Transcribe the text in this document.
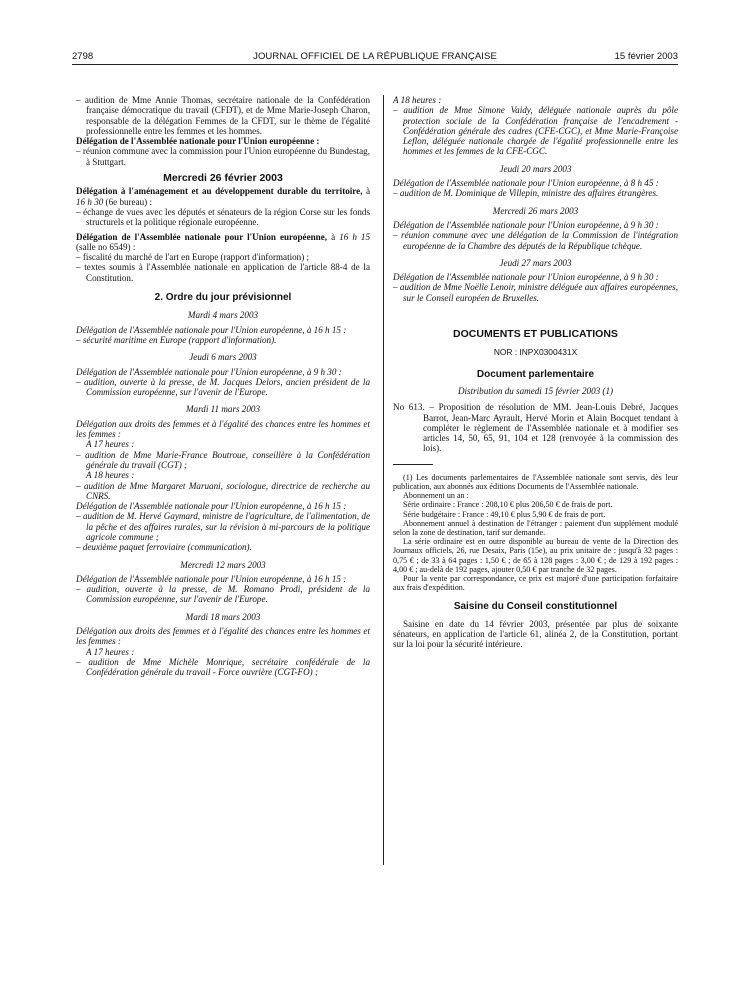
2798	JOURNAL OFFICIEL DE LA RÉPUBLIQUE FRANÇAISE	15 février 2003

– audition de Mme Annie Thomas, secrétaire nationale de la Confédération française démocratique du travail (CFDT), et de Mme Marie-Joseph Charon, responsable de la délégation Femmes de la CFDT, sur le thème de l'égalité professionnelle entre les femmes et les hommes.

Délégation de l'Assemblée nationale pour l'Union européenne :

– réunion commune avec la commission pour l'Union européenne du Bundestag, à Stuttgart.

Mercredi 26 février 2003

Délégation à l'aménagement et au développement durable du territoire, à 16 h 30 (6e bureau) :

– échange de vues avec les députés et sénateurs de la région Corse sur les fonds structurels et la politique régionale européenne.

Délégation de l'Assemblée nationale pour l'Union européenne, à 16 h 15 (salle no 6549) :

– fiscalité du marché de l'art en Europe (rapport d'information) ;

– textes soumis à l'Assemblée nationale en application de l'article 88-4 de la Constitution.

2. Ordre du jour prévisionnel

Mardi 4 mars 2003

Délégation de l'Assemblée nationale pour l'Union européenne, à 16 h 15 :

– sécurité maritime en Europe (rapport d'information).

Jeudi 6 mars 2003

Délégation de l'Assemblée nationale pour l'Union européenne, à 9 h 30 :

– audition, ouverte à la presse, de M. Jacques Delors, ancien président de la Commission européenne, sur l'avenir de l'Europe.

Mardi 11 mars 2003

Délégation aux droits des femmes et à l'égalité des chances entre les hommes et les femmes :

A 17 heures :

– audition de Mme Marie-France Boutroue, conseillère à la Confédération générale du travail (CGT) ;

A 18 heures :

– audition de Mme Margaret Maruani, sociologue, directrice de recherche au CNRS.

Délégation de l'Assemblée nationale pour l'Union européenne, à 16 h 15 :

– audition de M. Hervé Gaymard, ministre de l'agriculture, de l'alimentation, de la pêche et des affaires rurales, sur la révision à mi-parcours de la politique agricole commune ;

– deuxième paquet ferroviaire (communication).

Mercredi 12 mars 2003

Délégation de l'Assemblée nationale pour l'Union européenne, à 16 h 15 :

– audition, ouverte à la presse, de M. Romano Prodi, président de la Commission européenne, sur l'avenir de l'Europe.

Mardi 18 mars 2003

Délégation aux droits des femmes et à l'égalité des chances entre les hommes et les femmes :

A 17 heures :

– audition de Mme Michèle Monrique, secrétaire confédérale de la Confédération générale du travail - Force ouvrière (CGT-FO) ;

A 18 heures :

– audition de Mme Simone Vaidy, déléguée nationale auprès du pôle protection sociale de la Confédération française de l'encadrement - Confédération générale des cadres (CFE-CGC), et Mme Marie-Françoise Leflon, déléguée nationale chargée de l'égalité professionnelle entre les hommes et les femmes de la CFE-CGC.

Jeudi 20 mars 2003

Délégation de l'Assemblée nationale pour l'Union européenne, à 8 h 45 :

– audition de M. Dominique de Villepin, ministre des affaires étrangères.

Mercredi 26 mars 2003

Délégation de l'Assemblée nationale pour l'Union européenne, à 9 h 30 :

– réunion commune avec une délégation de la Commission de l'intégration européenne de la Chambre des députés de la République tchèque.

Jeudi 27 mars 2003

Délégation de l'Assemblée nationale pour l'Union européenne, à 9 h 30 :

– audition de Mme Noëlle Lenoir, ministre déléguée aux affaires européennes, sur le Conseil européen de Bruxelles.

DOCUMENTS ET PUBLICATIONS

NOR : INPX0300431X

Document parlementaire

Distribution du samedi 15 février 2003 (1)

No 613. – Proposition de résolution de MM. Jean-Louis Debré, Jacques Barrot, Jean-Marc Ayrault, Hervé Morin et Alain Bocquet tendant à compléter le règlement de l'Assemblée nationale et à modifier ses articles 14, 50, 65, 91, 104 et 128 (renvoyée à la commission des lois).

(1) Les documents parlementaires de l'Assemblée nationale sont servis, dès leur publication, aux abonnés aux éditions Documents de l'Assemblée nationale.

Abonnement un an :

Série ordinaire : France : 208,10 € plus 206,50 € de frais de port.

Série budgétaire : France : 49,10 € plus 5,90 € de frais de port.

Abonnement annuel à destination de l'étranger : paiement d'un supplément modulé selon la zone de destination, tarif sur demande.

La série ordinaire est en outre disponible au bureau de vente de la Direction des Journaux officiels, 26, rue Desaix, Paris (15e), au prix unitaire de : jusqu'à 32 pages : 0,75 € ; de 33 à 64 pages : 1,50 € ; de 65 à 128 pages : 3,00 € ; de 129 à 192 pages : 4,00 € ; au-delà de 192 pages, ajouter 0,50 € par tranche de 32 pages.

Pour la vente par correspondance, ce prix est majoré d'une participation forfaitaire aux frais d'expédition.

Saisine du Conseil constitutionnel

Saisine en date du 14 février 2003, présentée par plus de soixante sénateurs, en application de l'article 61, alinéa 2, de la Constitution, portant sur la loi pour la sécurité intérieure.
